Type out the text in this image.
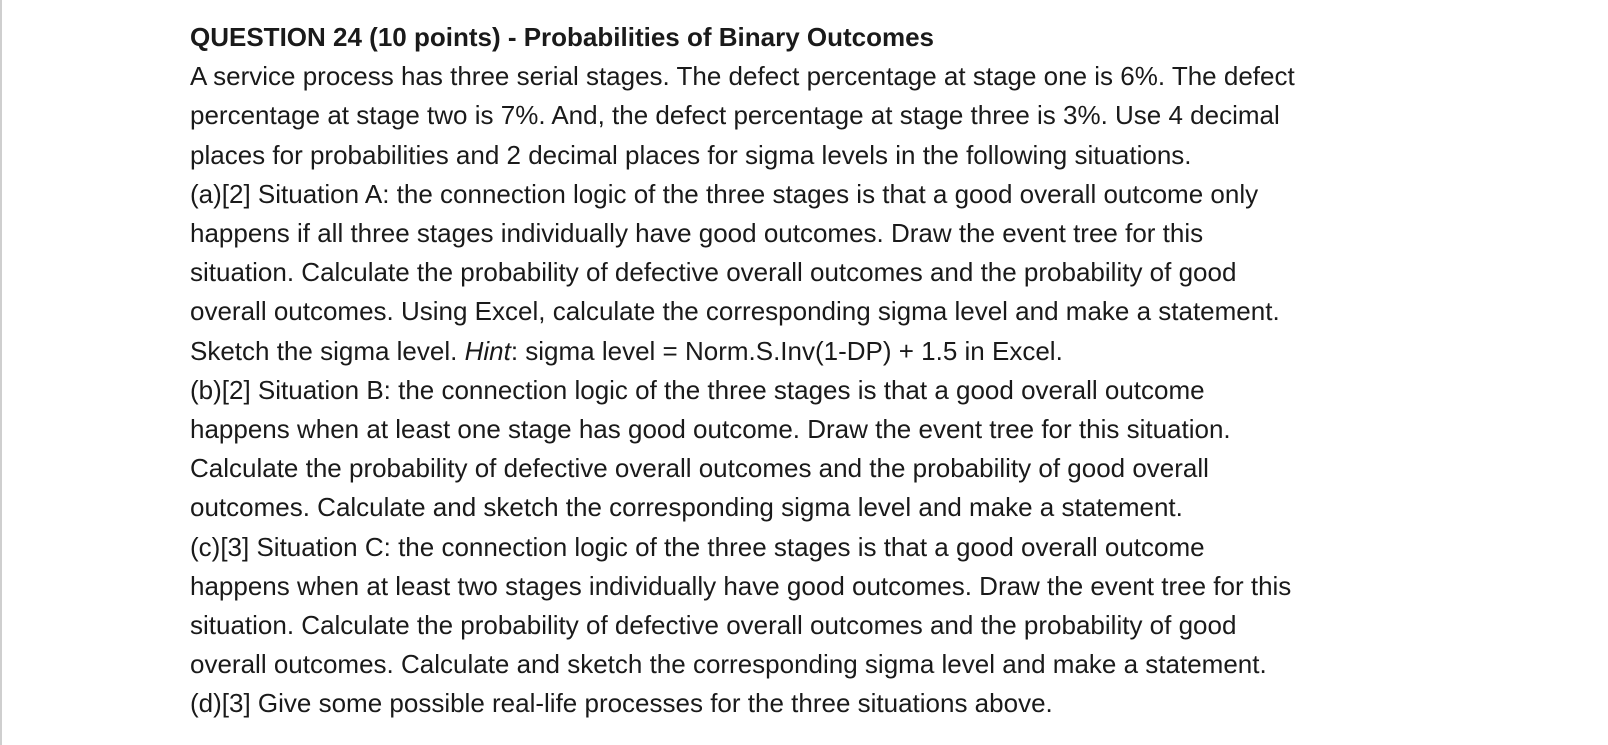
QUESTION 24 (10 points) - Probabilities of Binary Outcomes
A service process has three serial stages. The defect percentage at stage one is 6%. The defect
percentage at stage two is 7%. And, the defect percentage at stage three is 3%. Use 4 decimal
places for probabilities and 2 decimal places for sigma levels in the following situations.
(a)[2] Situation A: the connection logic of the three stages is that a good overall outcome only
happens if all three stages individually have good outcomes. Draw the event tree for this
situation. Calculate the probability of defective overall outcomes and the probability of good
overall outcomes. Using Excel, calculate the corresponding sigma level and make a statement.
Sketch the sigma level. Hint: sigma level = Norm.S.Inv(1-DP) + 1.5 in Excel.
(b)[2] Situation B: the connection logic of the three stages is that a good overall outcome
happens when at least one stage has good outcome. Draw the event tree for this situation.
Calculate the probability of defective overall outcomes and the probability of good overall
outcomes. Calculate and sketch the corresponding sigma level and make a statement.
(c)[3] Situation C: the connection logic of the three stages is that a good overall outcome
happens when at least two stages individually have good outcomes. Draw the event tree for this
situation. Calculate the probability of defective overall outcomes and the probability of good
overall outcomes. Calculate and sketch the corresponding sigma level and make a statement.
(d)[3] Give some possible real-life processes for the three situations above.
